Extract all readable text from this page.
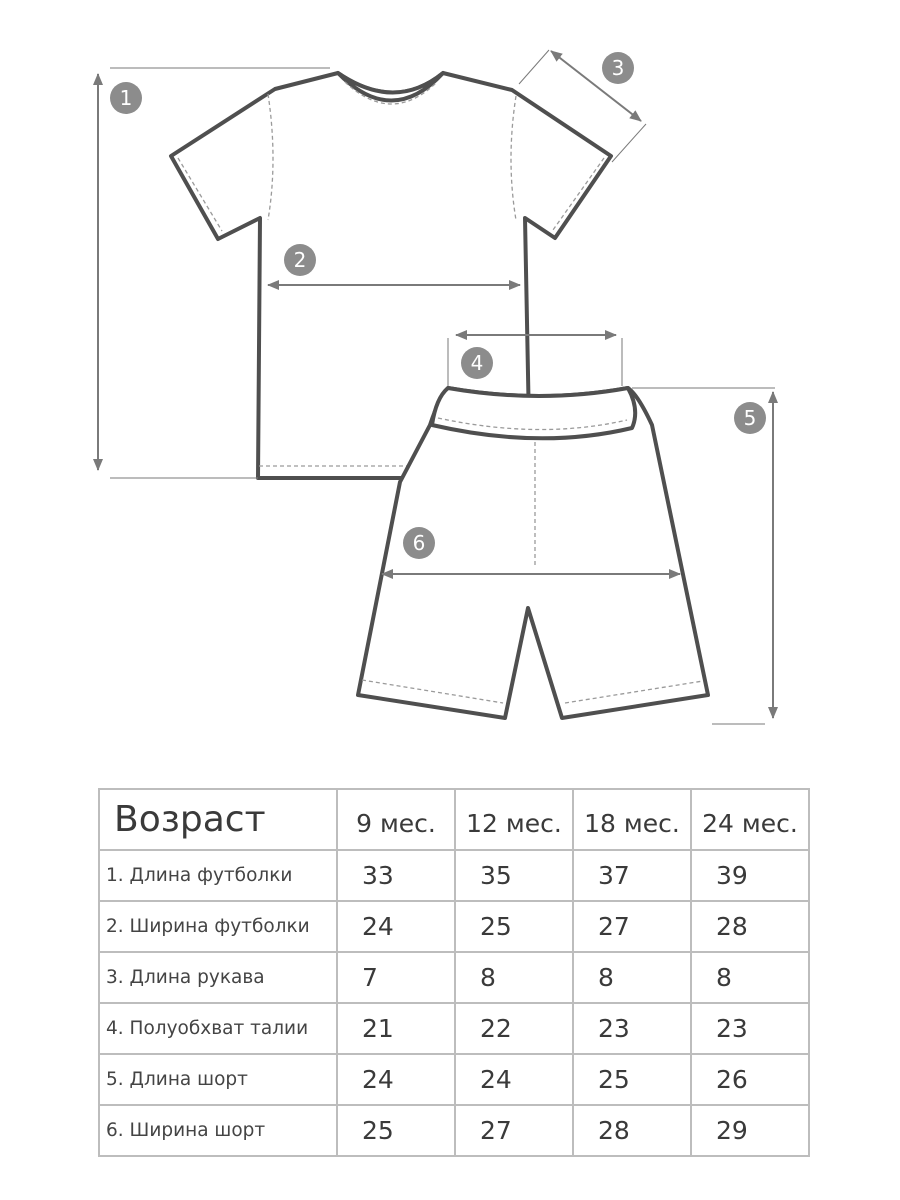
1
2
3
4
5
6
Возраст	9 мес.	12 мес.	18 мес.	24 мес.
1. Длина футболки	33	35	37	39
2. Ширина футболки	24	25	27	28
3. Длина рукава	7	8	8	8
4. Полуобхват талии	21	22	23	23
5. Длина шорт	24	24	25	26
6. Ширина шорт	25	27	28	29
